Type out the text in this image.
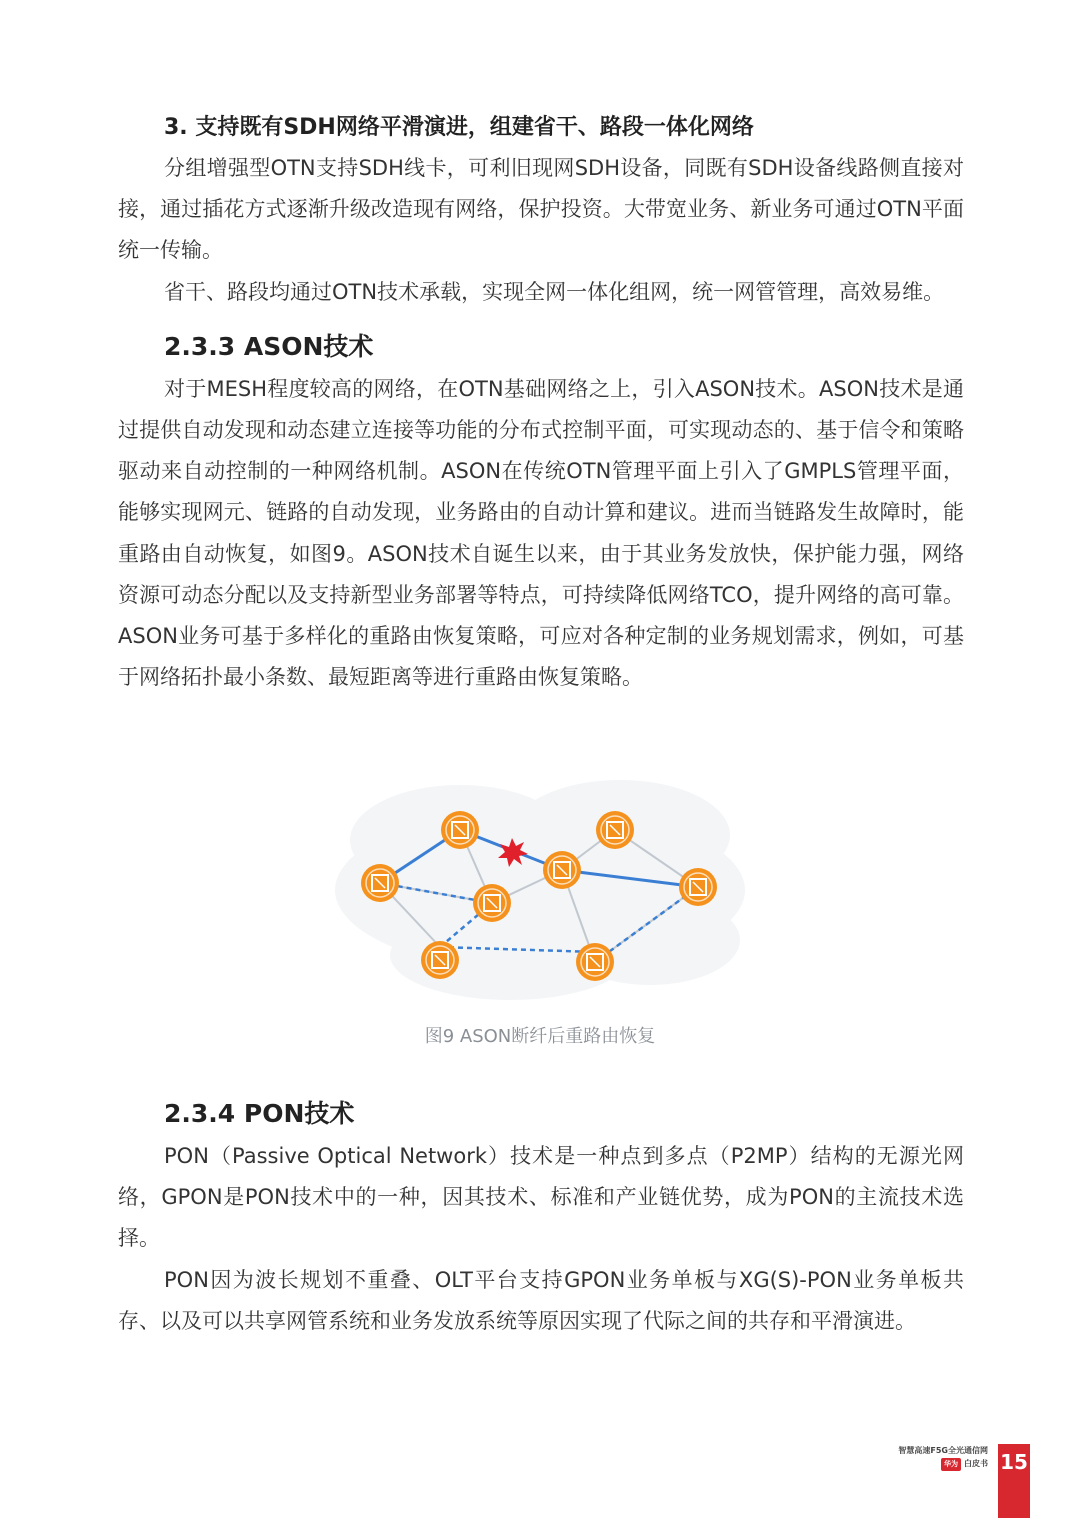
3. 支持既有SDH网络平滑演进，组建省干、路段一体化网络

分组增强型OTN支持SDH线卡，可利旧现网SDH设备，同既有SDH设备线路侧直接对接，通过插花方式逐渐升级改造现有网络，保护投资。大带宽业务、新业务可通过OTN平面统一传输。

省干、路段均通过OTN技术承载，实现全网一体化组网，统一网管管理，高效易维。

2.3.3 ASON技术

对于MESH程度较高的网络，在OTN基础网络之上，引入ASON技术。ASON技术是通过提供自动发现和动态建立连接等功能的分布式控制平面，可实现动态的、基于信令和策略驱动来自动控制的一种网络机制。ASON在传统OTN管理平面上引入了GMPLS管理平面，能够实现网元、链路的自动发现，业务路由的自动计算和建议。进而当链路发生故障时，能重路由自动恢复，如图9。ASON技术自诞生以来，由于其业务发放快，保护能力强，网络资源可动态分配以及支持新型业务部署等特点，可持续降低网络TCO，提升网络的高可靠。ASON业务可基于多样化的重路由恢复策略，可应对各种定制的业务规划需求，例如，可基于网络拓扑最小条数、最短距离等进行重路由恢复策略。

图9 ASON断纤后重路由恢复

2.3.4 PON技术

PON（Passive Optical Network）技术是一种点到多点（P2MP）结构的无源光网络，GPON是PON技术中的一种，因其技术、标准和产业链优势，成为PON的主流技术选择。

PON因为波长规划不重叠、OLT平台支持GPON业务单板与XG(S)-PON业务单板共存、以及可以共享网管系统和业务发放系统等原因实现了代际之间的共存和平滑演进。

智慧高速F5G全光通信网
华为 白皮书 15
